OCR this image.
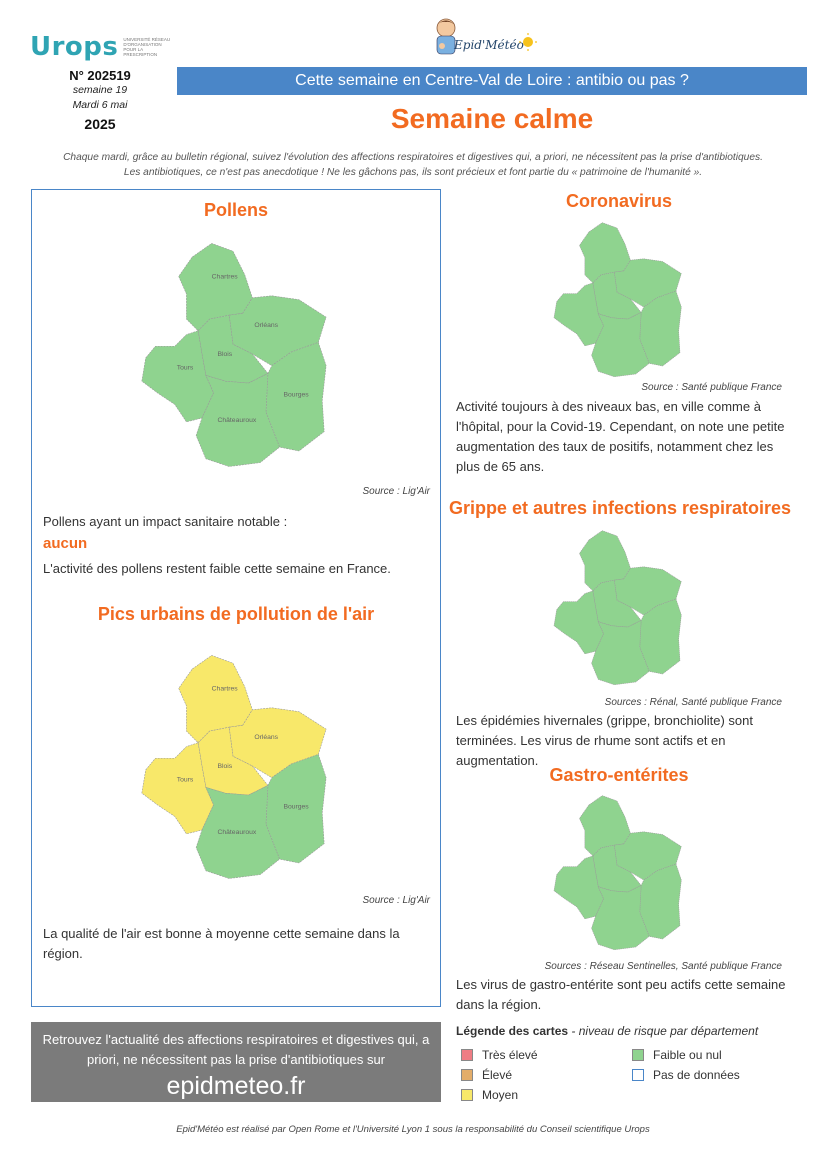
Urops UNIVERSITÉ RÉSEAU D'ORGANISATION POUR LA PRESCRIPTION
Epid'Météo
N° 202519
semaine 19
Mardi 6 mai
2025
Cette semaine en Centre-Val de Loire : antibio ou pas ?
Semaine calme
Chaque mardi, grâce au bulletin régional, suivez l'évolution des affections respiratoires et digestives qui, a priori, ne nécessitent pas la prise d'antibiotiques.
Les antibiotiques, ce n'est pas anecdotique ! Ne les gâchons pas, ils sont précieux et font partie du « patrimoine de l'humanité ».
Pollens
Chartres
Orléans
Blois
Tours
Bourges
Châteauroux
Source : Lig'Air
Pollens ayant un impact sanitaire notable :
aucun
L'activité des pollens restent faible cette semaine en France.
Pics urbains de pollution de l'air
Chartres
Orléans
Blois
Tours
Bourges
Châteauroux
Source : Lig'Air
La qualité de l'air est bonne à moyenne cette semaine dans la région.
Coronavirus
Source : Santé publique France
Activité toujours à des niveaux bas, en ville comme à l'hôpital, pour la Covid-19. Cependant, on note une petite augmentation des taux de positifs, notamment chez les plus de 65 ans.
Grippe et autres infections respiratoires
Sources : Rénal, Santé publique France
Les épidémies hivernales (grippe, bronchiolite) sont terminées. Les virus de rhume sont actifs et en augmentation.
Gastro-entérites
Sources : Réseau Sentinelles, Santé publique France
Les virus de gastro-entérite sont peu actifs cette semaine dans la région.
Retrouvez l'actualité des affections respiratoires et digestives qui, a priori, ne nécessitent pas la prise d'antibiotiques sur
epidmeteo.fr
Légende des cartes - niveau de risque par département
Très élevé
Élevé
Moyen
Faible ou nul
Pas de données
Epid'Météo est réalisé par Open Rome et l'Université Lyon 1 sous la responsabilité du Conseil scientifique Urops
